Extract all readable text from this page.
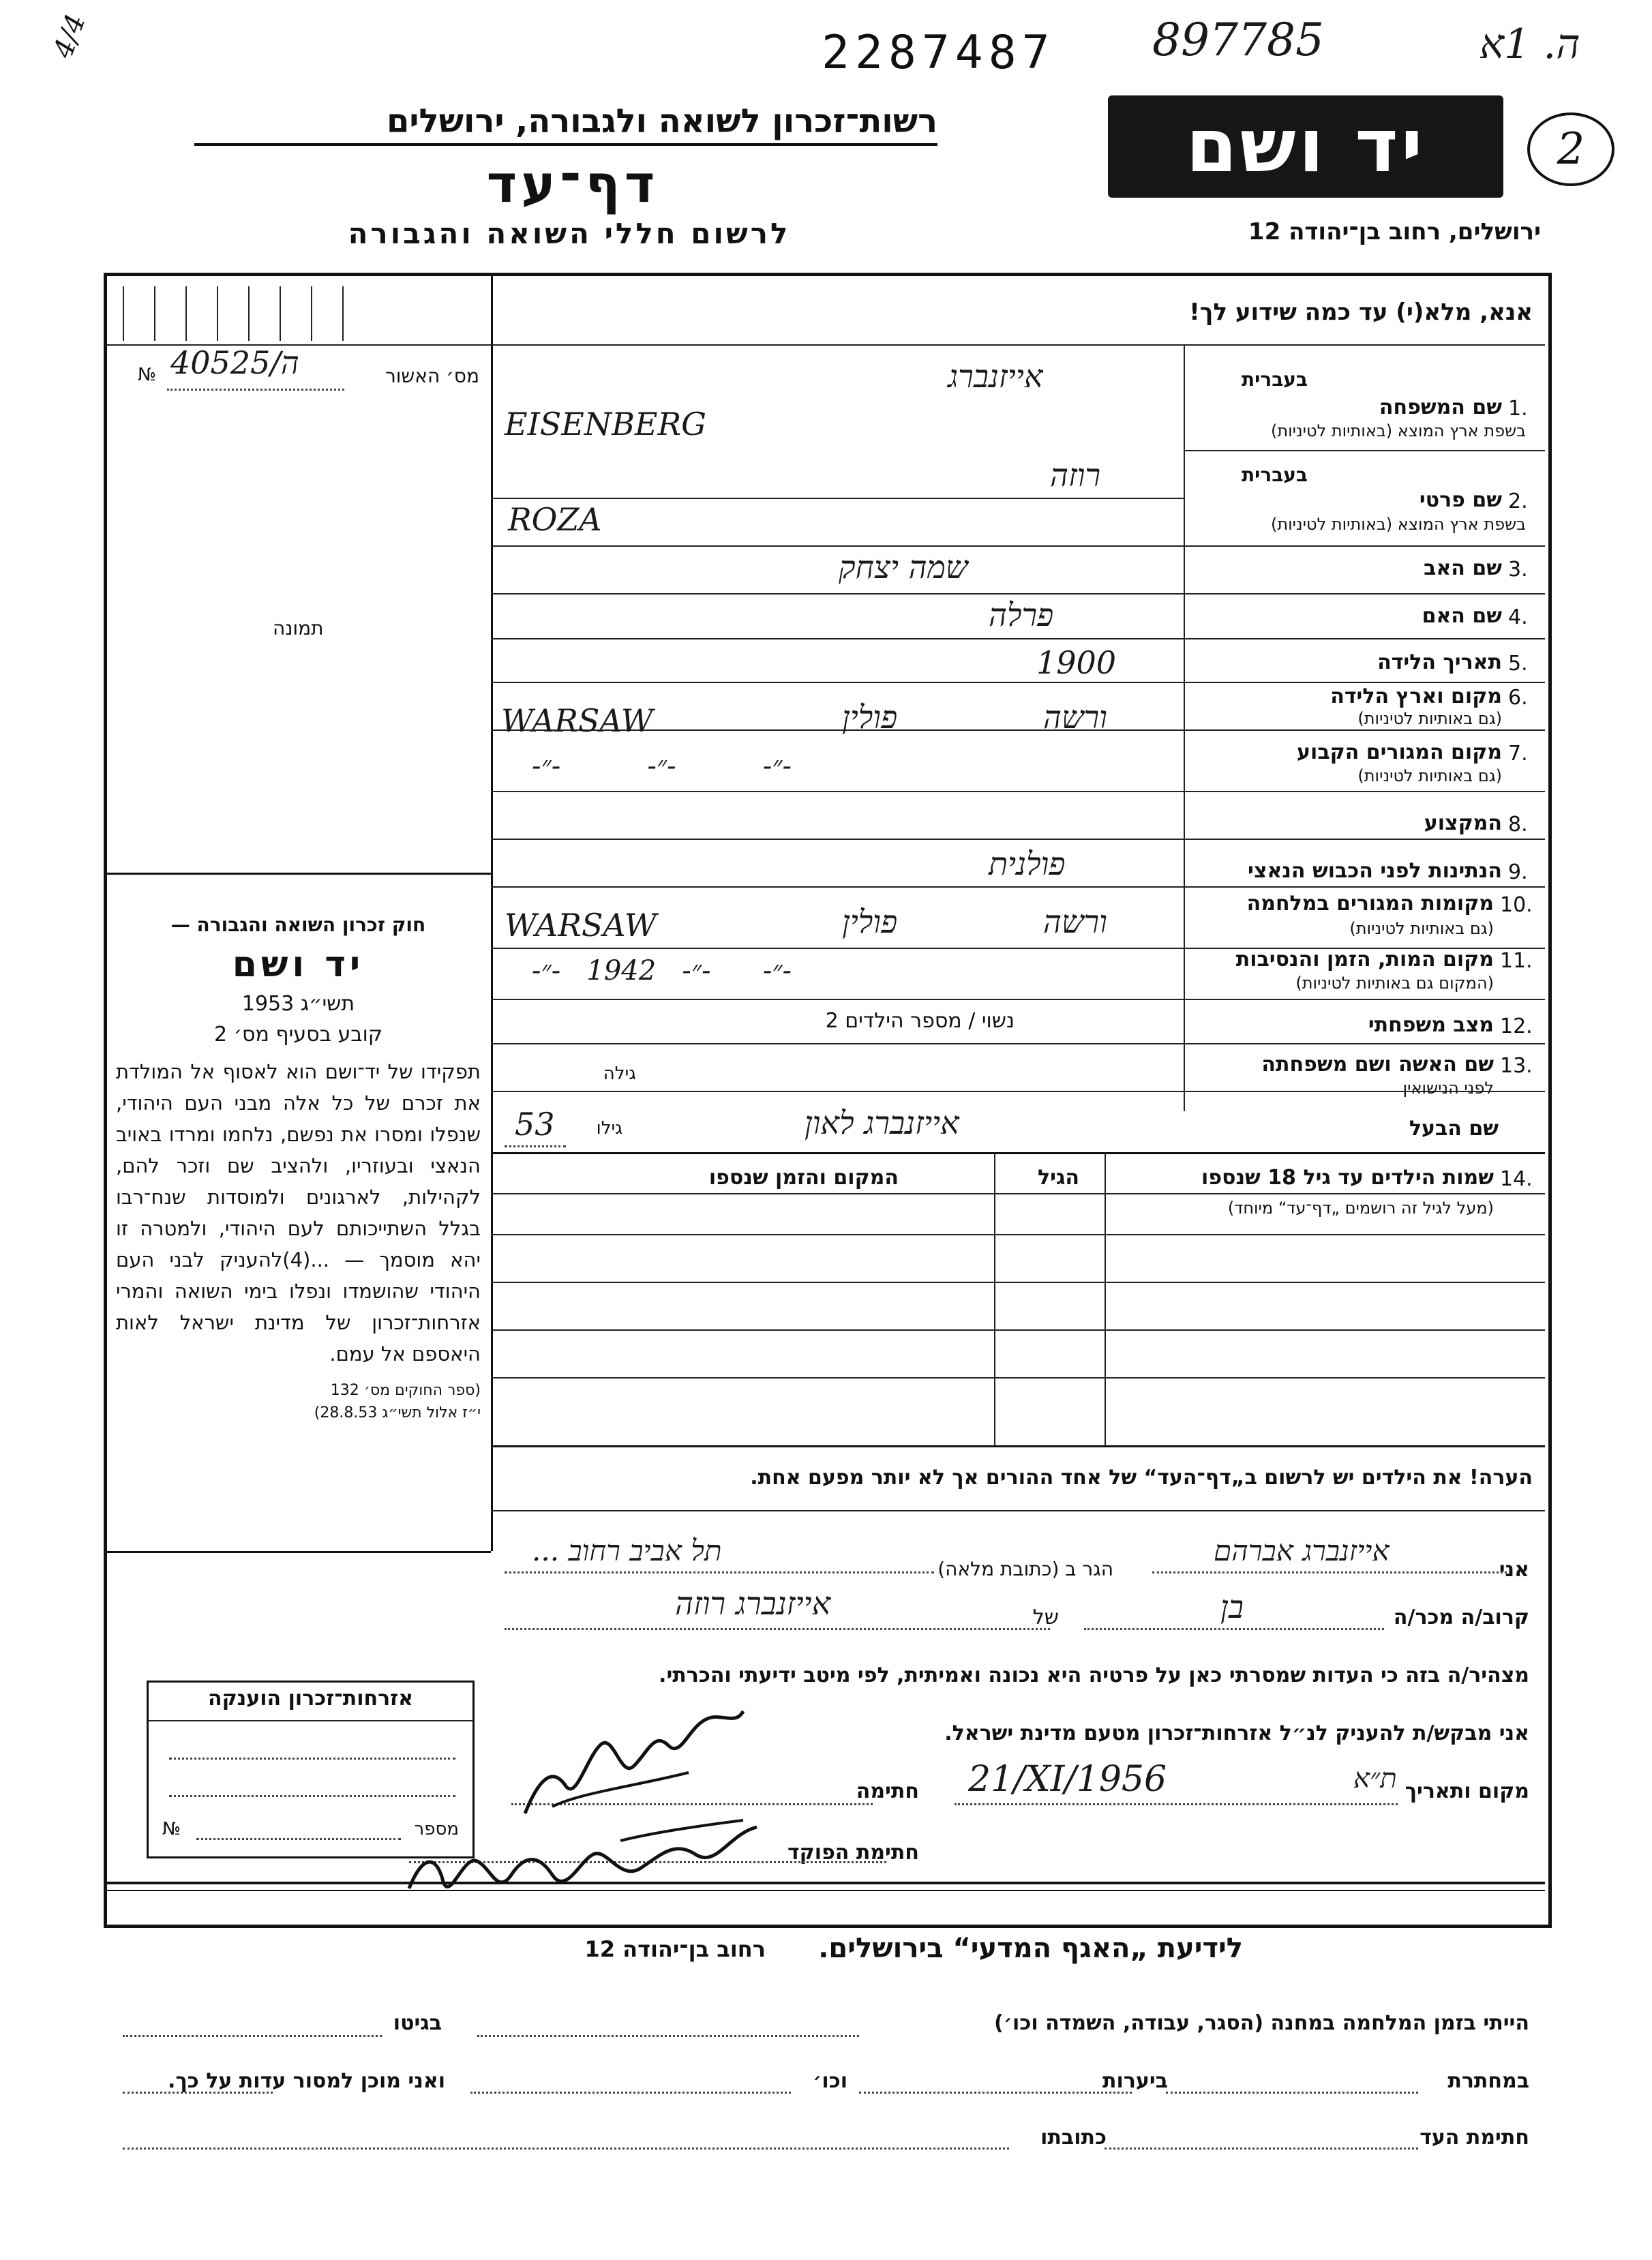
4/4	2287487 897785	ה. 1א
2
רשות־זכרון לשואה ולגבורה, ירושלים
דף־עד
לרשום חללי השואה והגבורה
יד ושם
ירושלים, רחוב בן־יהודה 12
אנא, מלא(י) עד כמה שידוע לך!
№ 40525/ה	מס׳ האשור
תמונה
בעברית
1.
שם המשפחה
בשפת ארץ המוצא (באותיות לטיניות)
אייזנברג
EISENBERG
בעברית
2.
שם פרטי
בשפת ארץ המוצא (באותיות לטיניות)
רוזה
ROZA
3.
שם האב
שמה יצחק
4.
שם האם
פרלה
5.
תאריך הלידה
1900
6.
מקום וארץ הלידה
(גם באותיות לטיניות)
WARSAW	פולין	ורשה
7.
מקום המגורים הקבוע
(גם באותיות לטיניות)
-״-          -״-          -״-
8.
המקצוע
9.
הנתינות לפני הכבוש הנאצי
פולנית
10.
מקומות המגורים במלחמה
(גם באותיות לטיניות)
WARSAW	פולין	ורשה
11.
מקום המות, הזמן והנסיבות
(המקום גם באותיות לטיניות)
-״-      -״-   1942   -״-
12.
מצב משפחתי
נשוי / מספר הילדים 2
13.
שם האשה ושם משפחתה
לפני הנישואין
גילה
שם הבעל
אייזנברג לאון
גילו
53
14.
שמות הילדים עד גיל 18 שנספו
(מעל לגיל זה רושמים „דף־עד“ מיוחד)
הגיל
המקום והזמן שנספו

חוק זכרון השואה והגבורה —

יד ושם

תשי״ג 1953

קובע בסעיף מס׳ 2

תפקידו של יד־ושם הוא לאסוף אל המולדת את זכרם של כל אלה מבני העם היהודי, שנפלו ומסרו את נפשם, נלחמו ומרדו באויב הנאצי ובעוזריו, ולהציב שם וזכר להם, לקהילות, לארגונים ולמוסדות שנח־רבו בגלל השתייכותם לעם היהודי, ולמטרה זו יהא מוסמך — ...(4)להעניק לבני העם היהודי שהושמדו ונפלו בימי השואה והמרי אזרחות־זכרון של מדינת ישראל לאות היאספם אל עמם.

(ספר החוקים מס׳ 132

י״ז אלול תשי״ג 28.8.53)

הערה! את הילדים יש לרשום ב„דף־העד“ של אחד ההורים אך לא יותר מפעם אחת.
אני
אייזנברג אברהם
הגר ב (כתובת מלאה)
תל אביב רחוב ...
קרוב/ה מכר/ה
בן
של
אייזנברג רוזה
מצהיר/ה בזה כי העדות שמסרתי כאן על פרטיה היא נכונה ואמיתית, לפי מיטב ידיעתי והכרתי.
אני מבקש/ת להעניק לנ״ל אזרחות־זכרון מטעם מדינת ישראל.
מקום ותאריך
ת״א
21/XI/1956
חתימה
חתימת הפוקד
אזרחות־זכרון הוענקה
№	מספר
לידיעת „האגף המדעי“ בירושלים.
רחוב בן־יהודה 12
הייתי בזמן המלחמה במחנה (הסגר, עבודה, השמדה וכו׳)
בגיטו
במחתרת
ביערות
וכו׳
ואני מוכן למסור עדות על כך.
חתימת העד
כתובתו
